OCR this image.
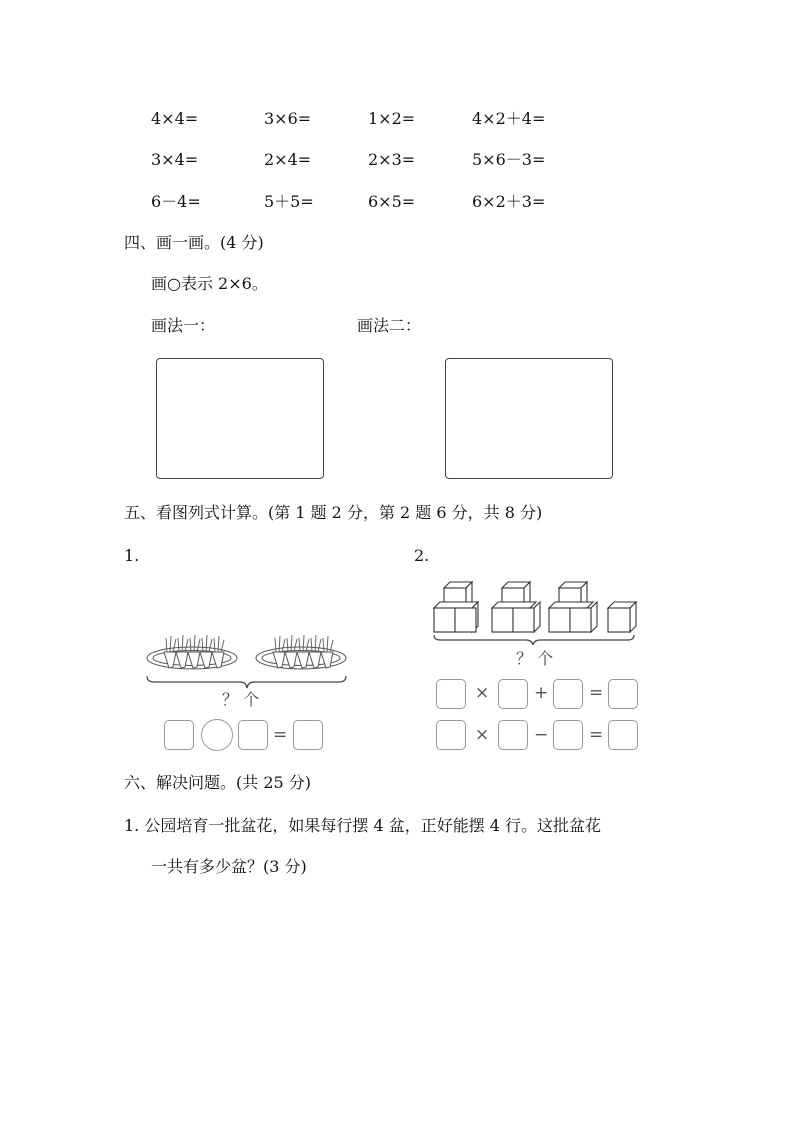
4×4=	3×6=	1×2=	4×2＋4=
3×4=	2×4=	2×3=	5×6－3=
6－4=	5＋5=	6×5=	6×2＋3=
四、画一画。(4 分)
画○表示 2×6。
画法一：	画法二：
五、看图列式计算。(第 1 题 2 分，第 2 题 6 分，共 8 分)
1.	2.
？ 个
=
？ 个
×	+ =
×	− =
六、解决问题。(共 25 分)
1. 公园培育一批盆花，如果每行摆 4 盆，正好能摆 4 行。这批盆花
一共有多少盆？(3 分)
